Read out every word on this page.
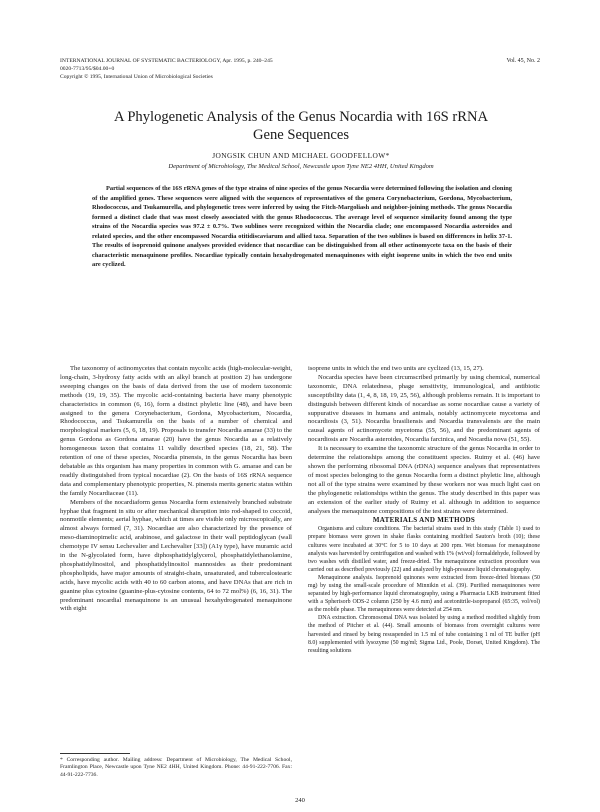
INTERNATIONAL JOURNAL OF SYSTEMATIC BACTERIOLOGY, Apr. 1995, p. 240–245
0020-7713/95/$04.00+0
Copyright © 1995, International Union of Microbiological Societies
Vol. 45, No. 2
A Phylogenetic Analysis of the Genus Nocardia with 16S rRNA
Gene Sequences
JONGSIK CHUN AND MICHAEL GOODFELLOW*
Department of Microbiology, The Medical School, Newcastle upon Tyne NE2 4HH, United Kingdom

Partial sequences of the 16S rRNA genes of the type strains of nine species of the genus Nocardia were determined following the isolation and cloning of the amplified genes. These sequences were aligned with the sequences of representatives of the genera Corynebacterium, Gordona, Mycobacterium, Rhodococcus, and Tsukamurella, and phylogenetic trees were inferred by using the Fitch-Margoliash and neighbor-joining methods. The genus Nocardia formed a distinct clade that was most closely associated with the genus Rhodococcus. The average level of sequence similarity found among the type strains of the Nocardia species was 97.2 ± 0.7%. Two sublines were recognized within the Nocardia clade; one encompassed Nocardia asteroides and related species, and the other encompassed Nocardia otitidiscaviarum and allied taxa. Separation of the two sublines is based on differences in helix 37-1. The results of isoprenoid quinone analyses provided evidence that nocardiae can be distinguished from all other actinomycete taxa on the basis of their characteristic menaquinone profiles. Nocardiae typically contain hexahydrogenated menaquinones with eight isoprene units in which the two end units are cyclized.

The taxonomy of actinomycetes that contain mycolic acids (high-molecular-weight, long-chain, 3-hydroxy fatty acids with an alkyl branch at position 2) has undergone sweeping changes on the basis of data derived from the use of modern taxonomic methods (19, 19, 35). The mycolic acid-containing bacteria have many phenotypic characteristics in common (6, 16), form a distinct phyletic line (48), and have been assigned to the genera Corynebacterium, Gordona, Mycobacterium, Nocardia, Rhodococcus, and Tsukamurella on the basis of a number of chemical and morphological markers (5, 6, 18, 19). Proposals to transfer Nocardia amarae (33) to the genus Gordona as Gordona amarae (20) have the genus Nocardia as a relatively homogeneous taxon that contains 11 validly described species (18, 21, 58). The retention of one of these species, Nocardia pinensis, in the genus Nocardia has been debatable as this organism has many properties in common with G. amarae and can be readily distinguished from typical nocardiae (2). On the basis of 16S rRNA sequence data and complementary phenotypic properties, N. pinensis merits generic status within the family Nocardiaceae (11).

Members of the nocardiaform genus Nocardia form extensively branched substrate hyphae that fragment in situ or after mechanical disruption into rod-shaped to coccoid, nonmotile elements; aerial hyphae, which at times are visible only microscopically, are almost always formed (7, 31). Nocardiae are also characterized by the presence of meso-diaminopimelic acid, arabinose, and galactose in their wall peptidoglycan (wall chemotype IV sensu Lechevalier and Lechevalier [33]) (A1γ type), have muramic acid in the N-glycolated form, have diphosphatidylglycerol, phosphatidylethanolamine, phosphatidylinositol, and phosphatidylinositol mannosides as their predominant phospholipids, have major amounts of straight-chain, unsaturated, and tuberculostearic acids, have mycolic acids with 40 to 60 carbon atoms, and have DNAs that are rich in guanine plus cytosine (guanine-plus-cytosine contents, 64 to 72 mol%) (6, 16, 31). The predominant nocardial menaquinone is an unusual hexahydrogenated menaquinone with eight

isoprene units in which the end two units are cyclized (13, 15, 27).

Nocardia species have been circumscribed primarily by using chemical, numerical taxonomic, DNA relatedness, phage sensitivity, immunological, and antibiotic susceptibility data (1, 4, 8, 18, 19, 25, 56), although problems remain. It is important to distinguish between different kinds of nocardiae as some nocardiae cause a variety of suppurative diseases in humans and animals, notably actinomycete mycetoma and nocardiosis (3, 51). Nocardia brasiliensis and Nocardia transvalensis are the main causal agents of actinomycete mycetoma (55, 56), and the predominant agents of nocardiosis are Nocardia asteroides, Nocardia farcinica, and Nocardia nova (51, 55).

It is necessary to examine the taxonomic structure of the genus Nocardia in order to determine the relationships among the constituent species. Ruimy et al. (46) have shown the performing ribosomal DNA (rDNA) sequence analyses that representatives of most species belonging to the genus Nocardia form a distinct phyletic line, although not all of the type strains were examined by these workers nor was much light cast on the phylogenetic relationships within the genus. The study described in this paper was an extension of the earlier study of Ruimy et al. although in addition to sequence analyses the menaquinone compositions of the test strains were determined.

MATERIALS AND METHODS

Organisms and culture conditions. The bacterial strains used in this study (Table 1) used to prepare biomass were grown in shake flasks containing modified Sauton's broth (10); these cultures were incubated at 30°C for 5 to 10 days at 200 rpm. Wet biomass for menaquinone analysis was harvested by centrifugation and washed with 1% (wt/vol) formaldehyde, followed by two washes with distilled water, and freeze-dried. The menaquinone extraction procedure was carried out as described previously (22) and analyzed by high-pressure liquid chromatography.

Menaquinone analysis. Isoprenoid quinones were extracted from freeze-dried biomass (50 mg) by using the small-scale procedure of Minnikin et al. (39). Purified menaquinones were separated by high-performance liquid chromatography, using a Pharmacia LKB instrument fitted with a Spherisorb ODS-2 column (250 by 4.6 mm) and acetonitrile-isopropanol (65:35, vol/vol) as the mobile phase. The menaquinones were detected at 254 nm.

DNA extraction. Chromosomal DNA was isolated by using a method modified slightly from the method of Pitcher et al. (44). Small amounts of biomass from overnight cultures were harvested and rinsed by being resuspended in 1.5 ml of tube containing 1 ml of TE buffer (pH 8.0) supplemented with lysozyme (50 mg/ml; Sigma Ltd., Poole, Dorset, United Kingdom). The resulting solutions

* Corresponding author. Mailing address: Department of Microbiology, The Medical School, Framlington Place, Newcastle upon Tyne NE2 4HH, United Kingdom. Phone: 44-91-222-7706. Fax: 44-91-222-7736.
240
